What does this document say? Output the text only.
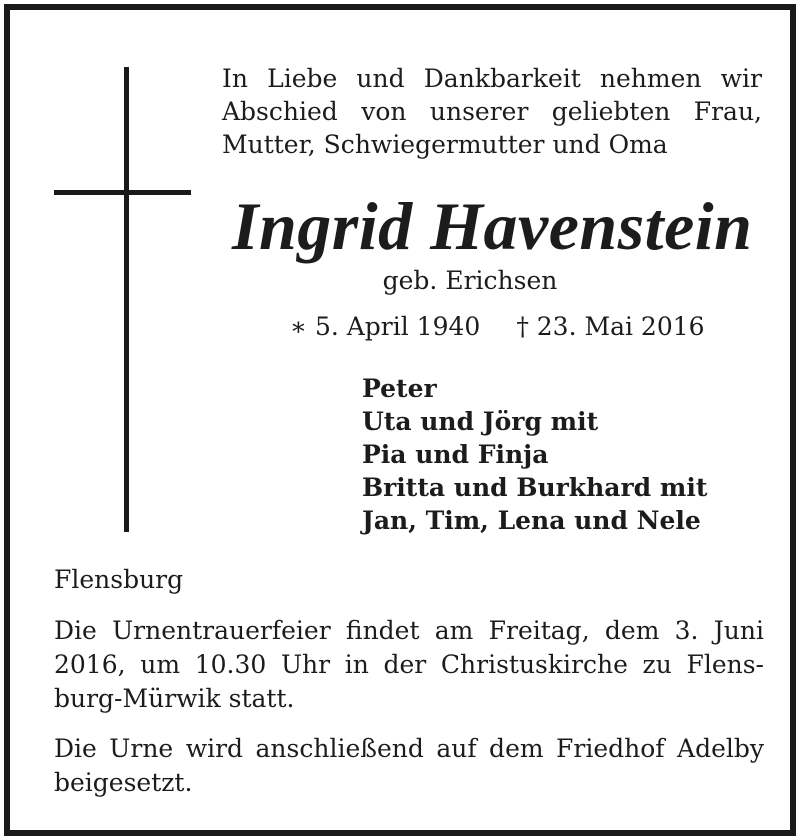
In Liebe und Dankbarkeit nehmen wir
Abschied von unserer geliebten Frau,
Mutter, Schwiegermutter und Oma
Ingrid Havenstein
geb. Erichsen
∗ 5. April 1940 † 23. Mai 2016
Peter
Uta und Jörg mit
Pia und Finja
Britta und Burkhard mit
Jan, Tim, Lena und Nele
Flensburg
Die Urnentrauerfeier findet am Freitag, dem 3. Juni
2016, um 10.30 Uhr in der Christuskirche zu Flens-
burg-Mürwik statt.
Die Urne wird anschließend auf dem Friedhof Adelby
beigesetzt.
